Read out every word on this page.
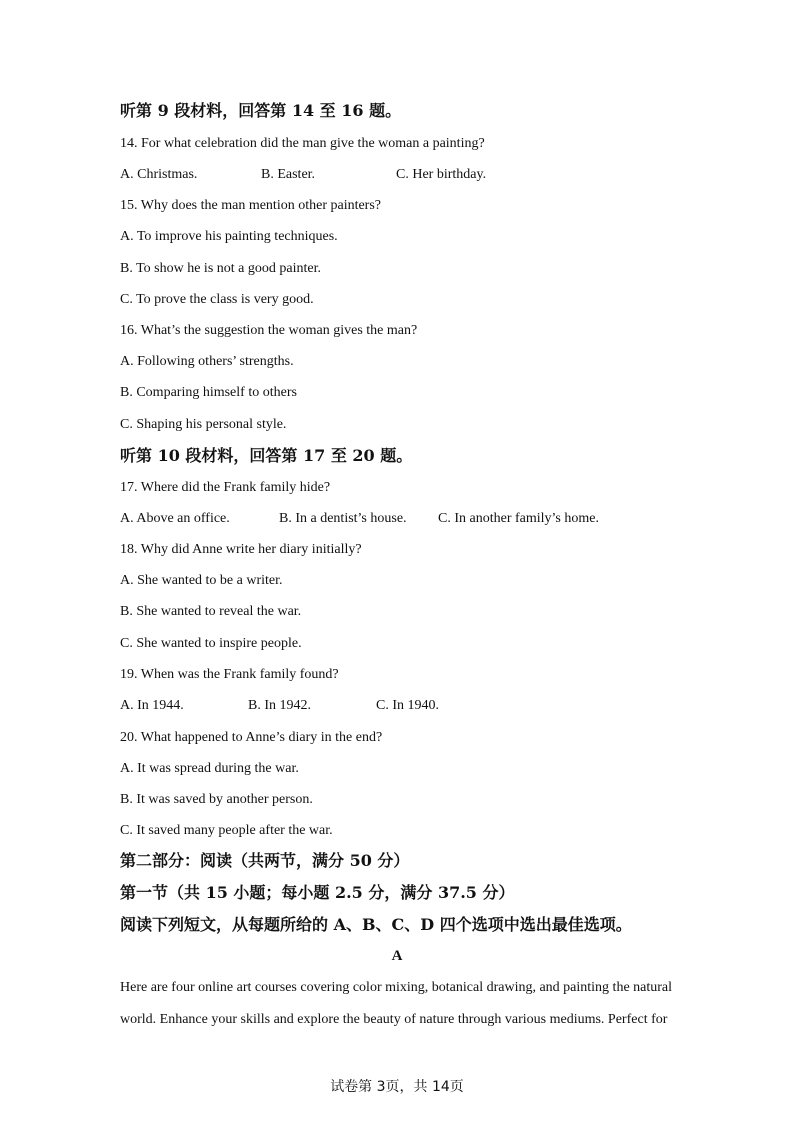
听第 9 段材料，回答第 14 至 16 题。
14. For what celebration did the man give the woman a painting?
A. Christmas.	B. Easter.	C. Her birthday.
15. Why does the man mention other painters?
A. To improve his painting techniques.
B. To show he is not a good painter.
C. To prove the class is very good.
16. What’s the suggestion the woman gives the man?
A. Following others’ strengths.
B. Comparing himself to others
C. Shaping his personal style.
听第 10 段材料，回答第 17 至 20 题。
17. Where did the Frank family hide?
A. Above an office.	B. In a dentist’s house. C. In another family’s home.
18. Why did Anne write her diary initially?
A. She wanted to be a writer.
B. She wanted to reveal the war.
C. She wanted to inspire people.
19. When was the Frank family found?
A. In 1944.	B. In 1942.	C. In 1940.
20. What happened to Anne’s diary in the end?
A. It was spread during the war.
B. It was saved by another person.
C. It saved many people after the war.
第二部分：阅读（共两节，满分 50 分）
第一节（共 15 小题；每小题 2.5 分，满分 37.5 分）
阅读下列短文，从每题所给的 A、B、C、D 四个选项中选出最佳选项。
A
Here are four online art courses covering color mixing, botanical drawing, and painting the natural
world. Enhance your skills and explore the beauty of nature through various mediums. Perfect for
试卷第 3页，共 14页
